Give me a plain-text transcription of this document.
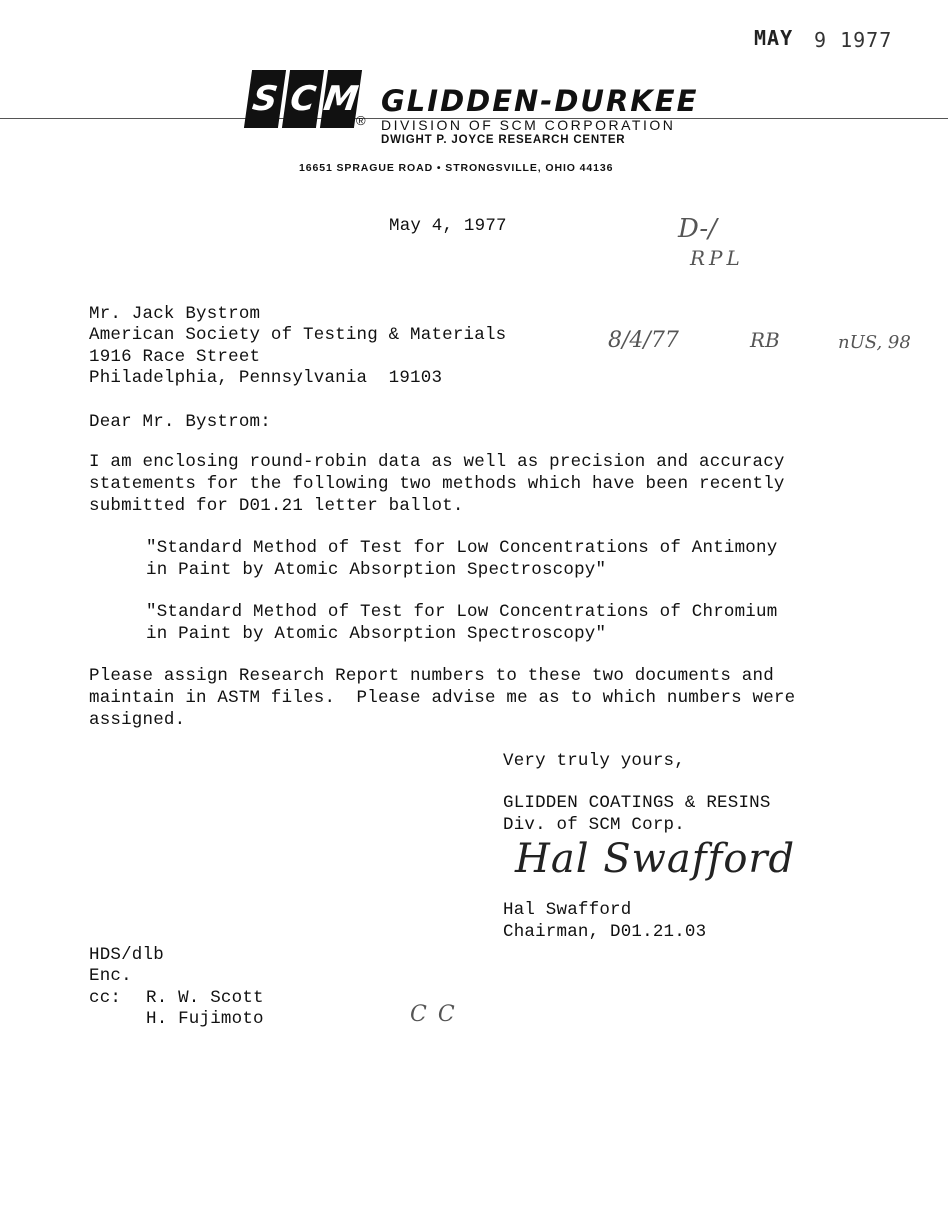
MAY 9 1977
S C M
®
GLIDDEN-DURKEE
DIVISION OF SCM CORPORATION
DWIGHT P. JOYCE RESEARCH CENTER
16651 SPRAGUE ROAD • STRONGSVILLE, OHIO 44136
May 4, 1977	D-/
RPL
8/4/77	RB	nUS, 98
C C
Mr. Jack Bystrom
American Society of Testing & Materials
1916 Race Street
Philadelphia, Pennsylvania  19103
Dear Mr. Bystrom:
I am enclosing round-robin data as well as precision and accuracy
statements for the following two methods which have been recently
submitted for D01.21 letter ballot.
"Standard Method of Test for Low Concentrations of Antimony
in Paint by Atomic Absorption Spectroscopy"
"Standard Method of Test for Low Concentrations of Chromium
in Paint by Atomic Absorption Spectroscopy"
Please assign Research Report numbers to these two documents and
maintain in ASTM files.  Please advise me as to which numbers were
assigned.
Very truly yours,
GLIDDEN COATINGS & RESINS
Div. of SCM Corp.
Hal Swafford
Hal Swafford
Chairman, D01.21.03
HDS/dlb
Enc.
cc: R. W. Scott
H. Fujimoto
